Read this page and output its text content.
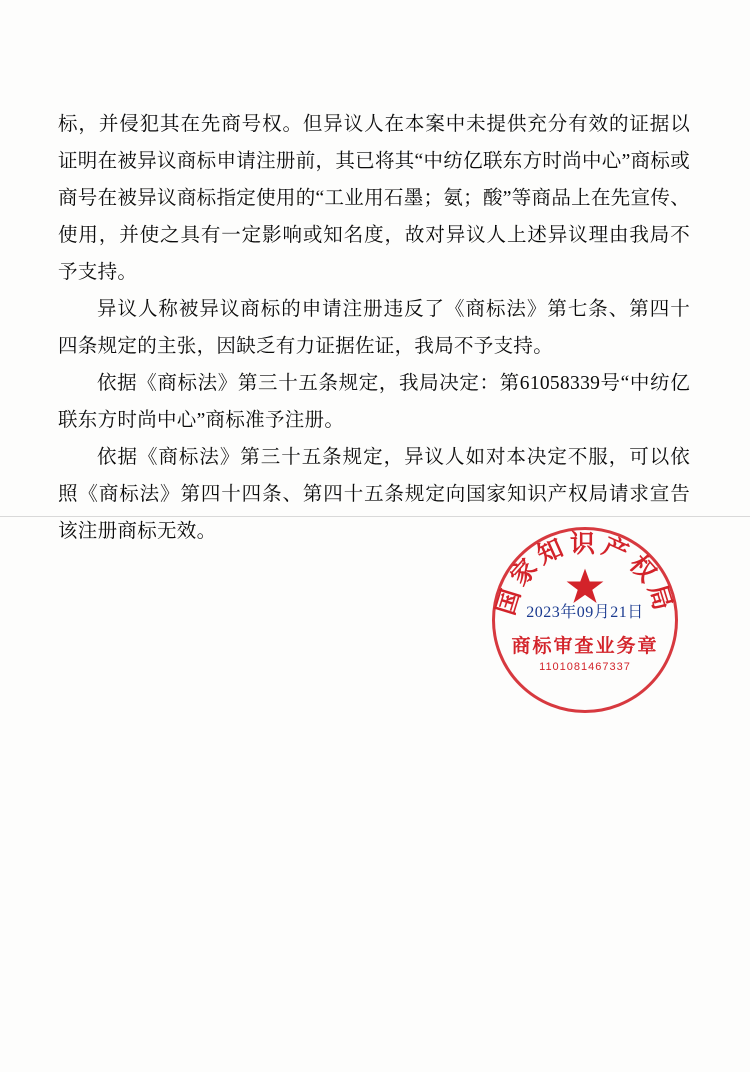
标，并侵犯其在先商号权。但异议人在本案中未提供充分有效的证据以证明在被异议商标申请注册前，其已将其“中纺亿联东方时尚中心”商标或商号在被异议商标指定使用的“工业用石墨；氨；酸”等商品上在先宣传、使用，并使之具有一定影响或知名度，故对异议人上述异议理由我局不予支持。

异议人称被异议商标的申请注册违反了《商标法》第七条、第四十四条规定的主张，因缺乏有力证据佐证，我局不予支持。

依据《商标法》第三十五条规定，我局决定：第61058339号“中纺亿联东方时尚中心”商标准予注册。

依据《商标法》第三十五条规定，异议人如对本决定不服，可以依照《商标法》第四十四条、第四十五条规定向国家知识产权局请求宣告该注册商标无效。

国家知识产权局
2023年09月21日
商标审查业务章
1101081467337
